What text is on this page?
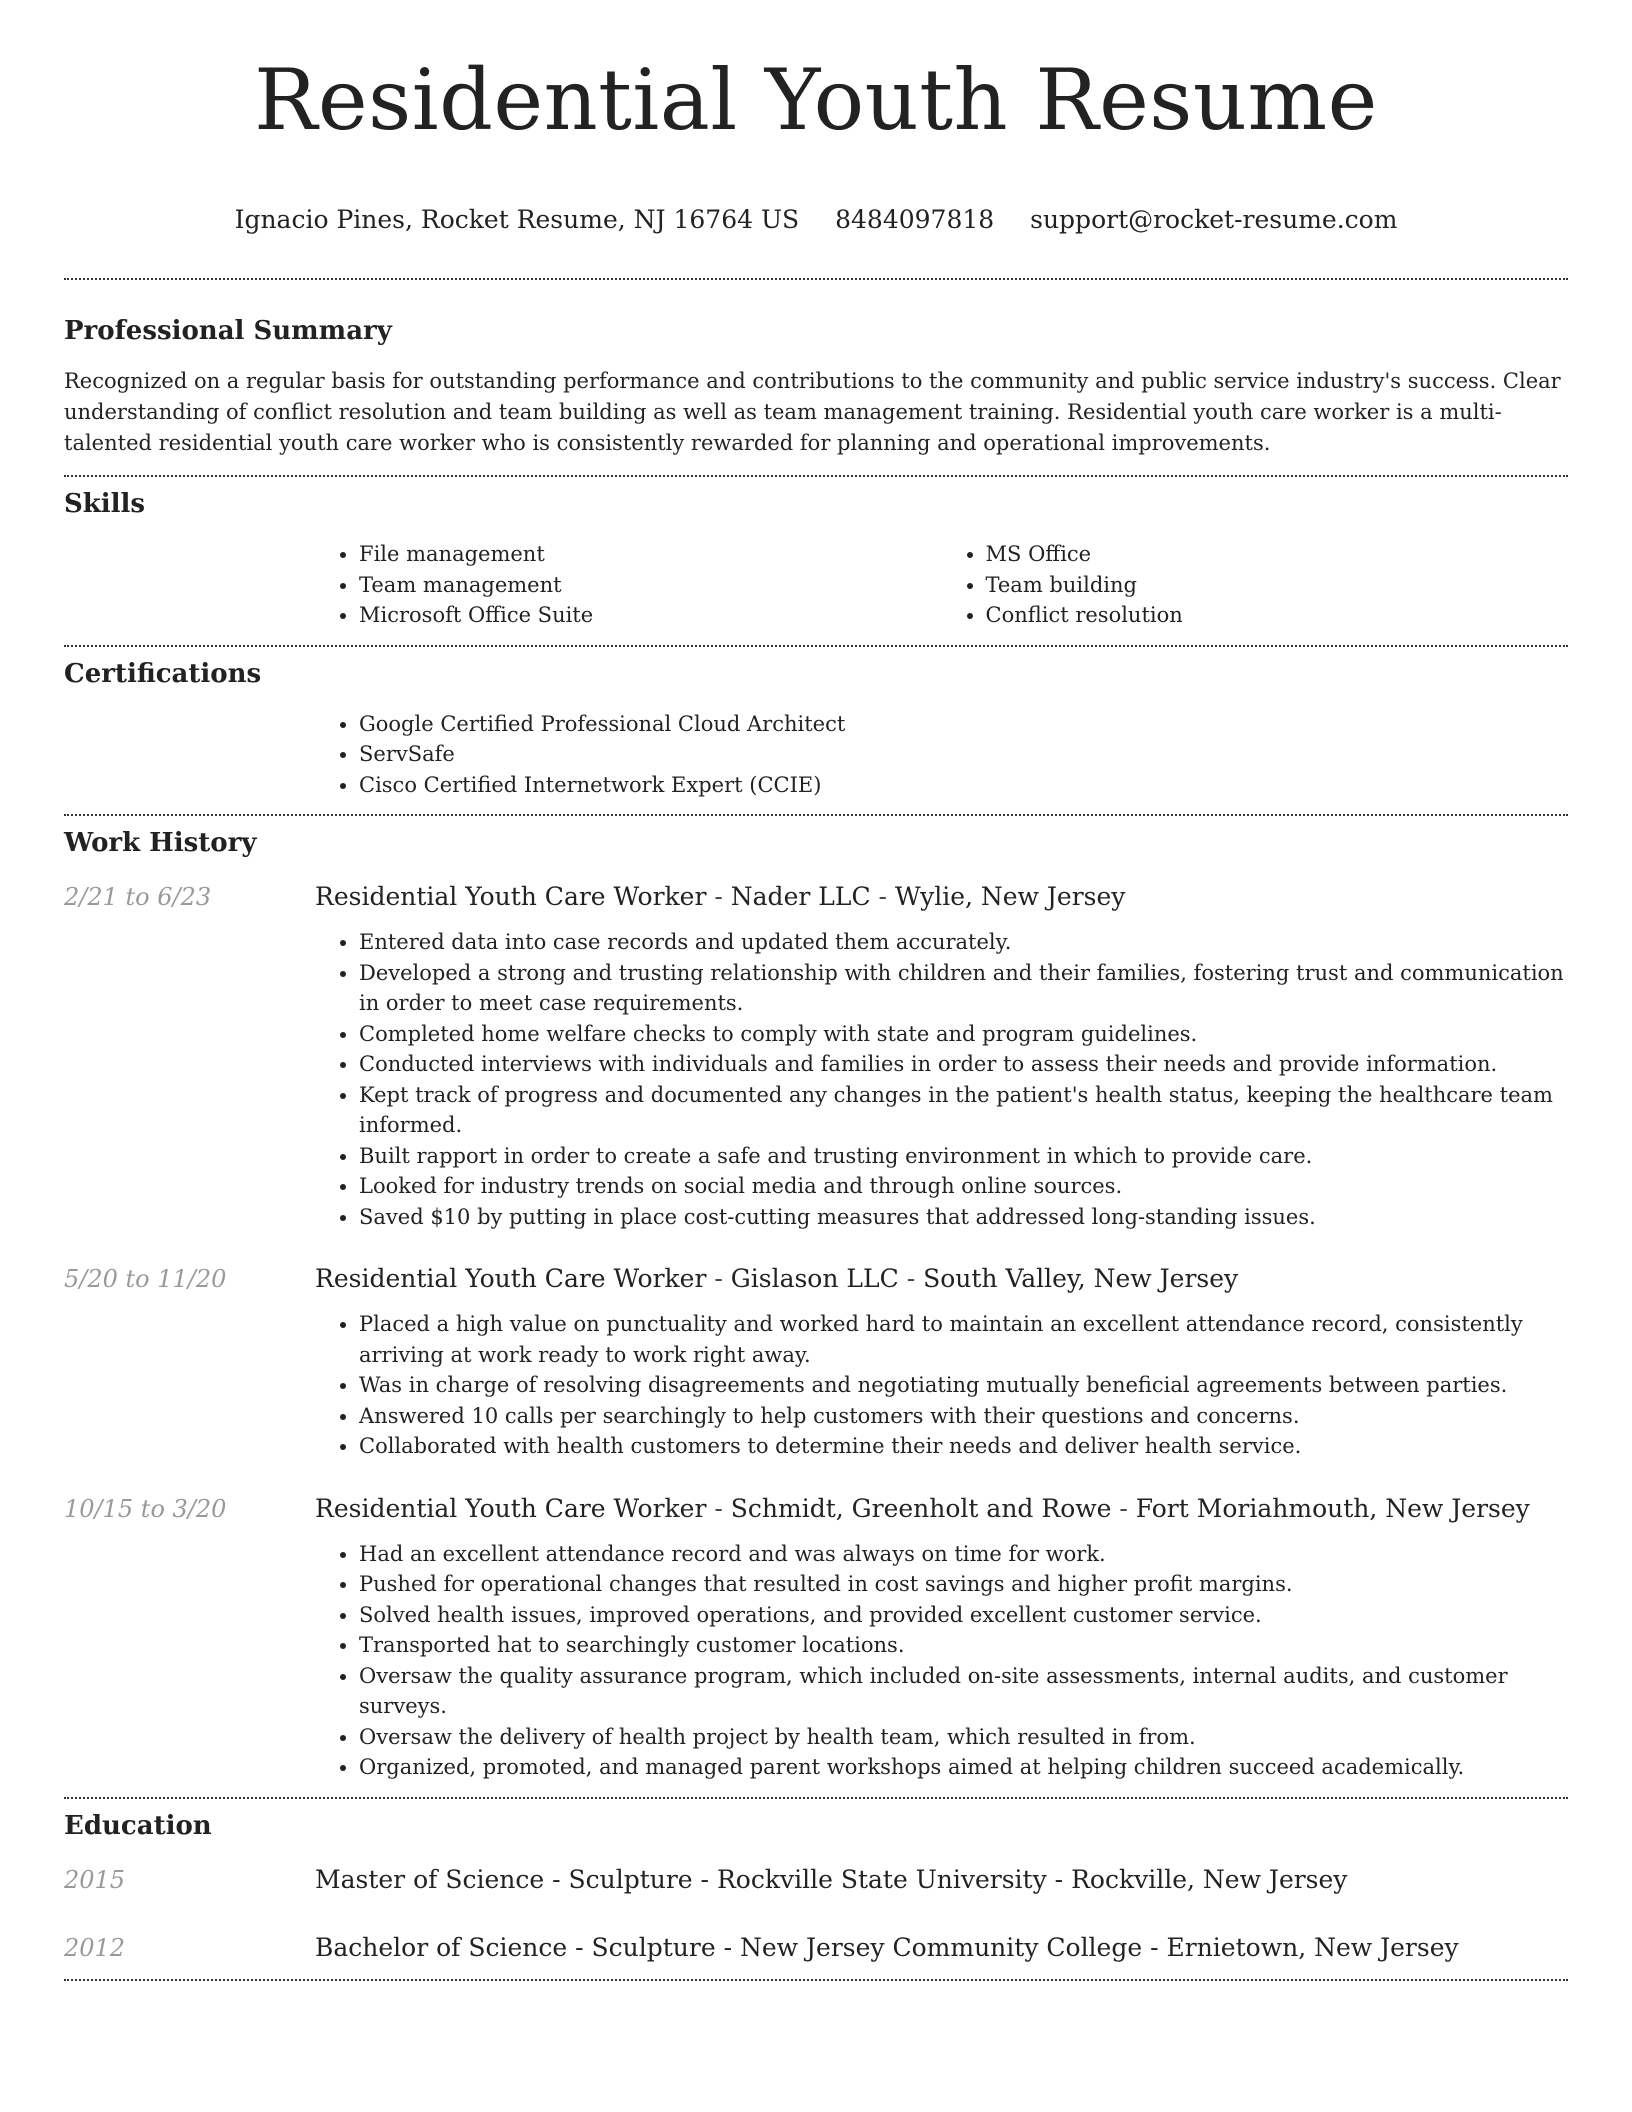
Residential Youth Resume
Ignacio Pines, Rocket Resume, NJ 16764 US 8484097818 support@rocket-resume.com
Professional Summary

Recognized on a regular basis for outstanding performance and contributions to the community and public service industry's success. Clear understanding of conflict resolution and team building as well as team management training. Residential youth care worker is a multi-talented residential youth care worker who is consistently rewarded for planning and operational improvements.

Skills
• File management
• Team management
• Microsoft Office Suite
• MS Office
• Team building
• Conflict resolution
Certifications
• Google Certified Professional Cloud Architect
• ServSafe
• Cisco Certified Internetwork Expert (CCIE)
Work History
2/21 to 6/23	Residential Youth Care Worker - Nader LLC - Wylie, New Jersey
• Entered data into case records and updated them accurately.
• Developed a strong and trusting relationship with children and their families, fostering trust and communication in order to meet case requirements.
• Completed home welfare checks to comply with state and program guidelines.
• Conducted interviews with individuals and families in order to assess their needs and provide information.
• Kept track of progress and documented any changes in the patient's health status, keeping the healthcare team informed.
• Built rapport in order to create a safe and trusting environment in which to provide care.
• Looked for industry trends on social media and through online sources.
• Saved $10 by putting in place cost-cutting measures that addressed long-standing issues.
5/20 to 11/20	Residential Youth Care Worker - Gislason LLC - South Valley, New Jersey
• Placed a high value on punctuality and worked hard to maintain an excellent attendance record, consistently arriving at work ready to work right away.
• Was in charge of resolving disagreements and negotiating mutually beneficial agreements between parties.
• Answered 10 calls per searchingly to help customers with their questions and concerns.
• Collaborated with health customers to determine their needs and deliver health service.
10/15 to 3/20	Residential Youth Care Worker - Schmidt, Greenholt and Rowe - Fort Moriahmouth, New Jersey
• Had an excellent attendance record and was always on time for work.
• Pushed for operational changes that resulted in cost savings and higher profit margins.
• Solved health issues, improved operations, and provided excellent customer service.
• Transported hat to searchingly customer locations.
• Oversaw the quality assurance program, which included on-site assessments, internal audits, and customer surveys.
• Oversaw the delivery of health project by health team, which resulted in from.
• Organized, promoted, and managed parent workshops aimed at helping children succeed academically.
Education
2015	Master of Science - Sculpture - Rockville State University - Rockville, New Jersey
2012	Bachelor of Science - Sculpture - New Jersey Community College - Ernietown, New Jersey
